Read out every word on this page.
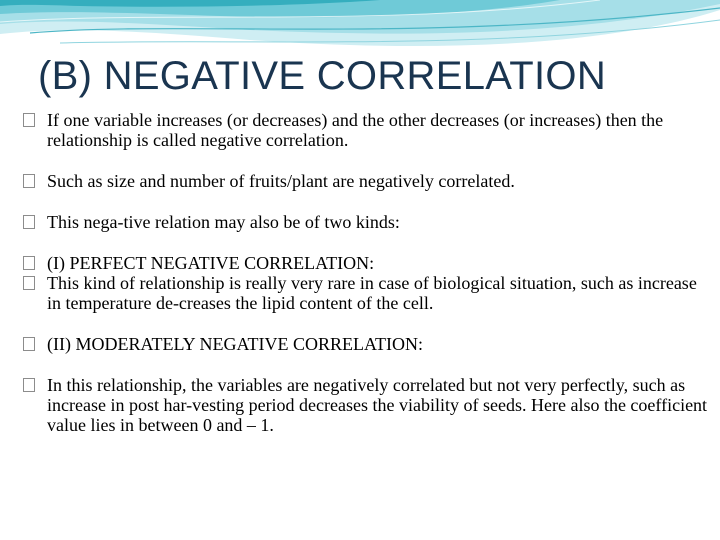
(B) NEGATIVE CORRELATION

If one variable increases (or decreases) and the other decreases (or increases) then the relationship is called negative correlation.

Such as size and number of fruits/plant are negatively correlated.

This nega-tive relation may also be of two kinds:

(I) PERFECT NEGATIVE CORRELATION:

This kind of relationship is really very rare in case of biological situation, such as increase in temperature de-creases the lipid content of the cell.

(II) MODERATELY NEGATIVE CORRELATION:

In this relationship, the variables are negatively correlated but not very perfectly, such as increase in post har-vesting period decreases the viability of seeds. Here also the coefficient value lies in between 0 and – 1.
